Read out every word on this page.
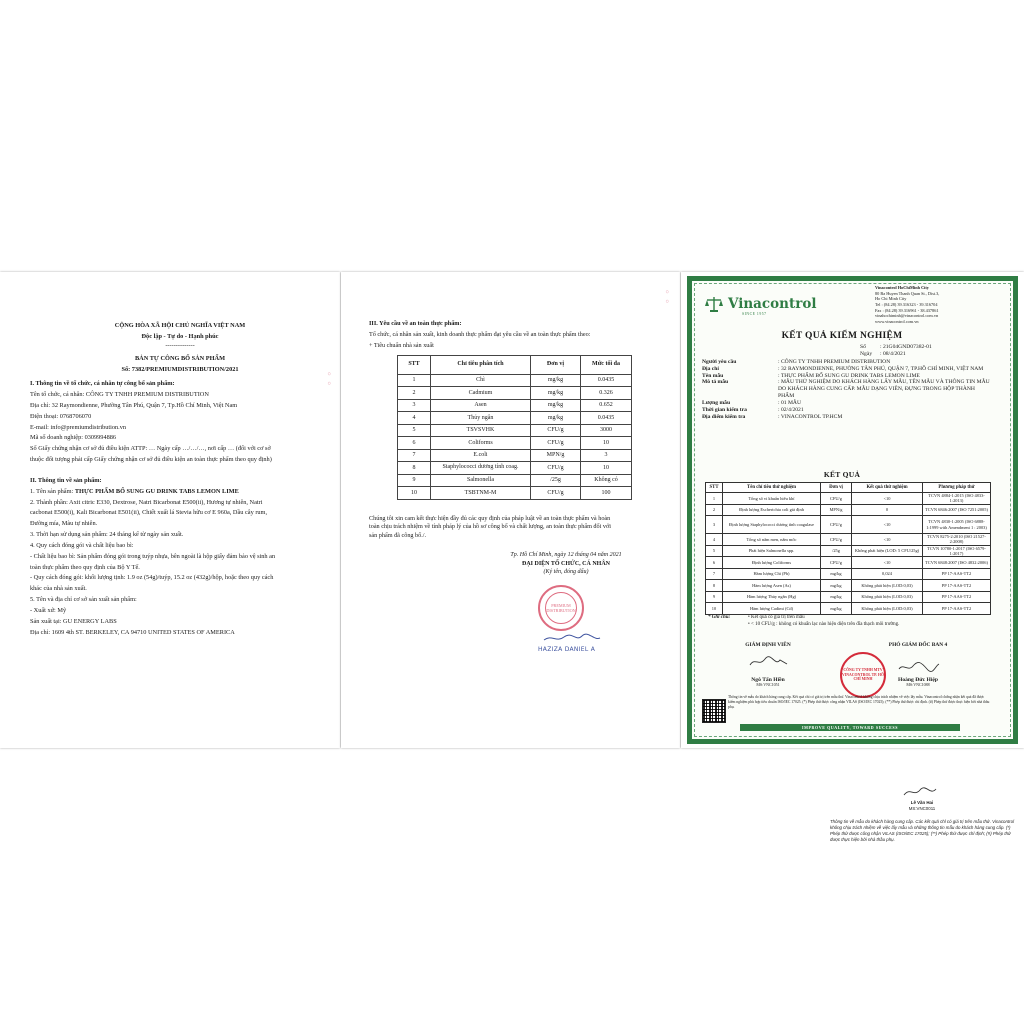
CỘNG HÒA XÃ HỘI CHỦ NGHĨA VIỆT NAM

Độc lập - Tự do - Hạnh phúc

--------------

BẢN TỰ CÔNG BỐ SẢN PHẨM

Số: 7382/PREMIUMDISTRIBUTION/2021

I. Thông tin về tổ chức, cá nhân tự công bố sản phẩm:

Tên tổ chức, cá nhân: CÔNG TY TNHH PREMIUM DISTRIBUTION

Địa chỉ: 32 Raymondienne, Phường Tân Phú, Quận 7, Tp.Hồ Chí Minh, Việt Nam

Điện thoại: 0768706070

E-mail: info@premiumdistribution.vn

Mã số doanh nghiệp: 0309994886

Số Giấy chứng nhận cơ sở đủ điều kiện ATTP: … Ngày cấp …/…/…, nơi cấp … (đối với cơ sở

thuộc đối tượng phải cấp Giấy chứng nhận cơ sở đủ điều kiện an toàn thực phẩm theo quy định)

II. Thông tin về sản phẩm:

1. Tên sản phẩm: THỰC PHẨM BỔ SUNG GU DRINK TABS LEMON LIME

2. Thành phần: Axit citric E330, Dextrose, Natri Bicarbonat E500(ii), Hương tự nhiên, Natri

cacbonat E500(i), Kali Bicarbonat E501(ii), Chiết xuất lá Stevia hữu cơ E 960a, Dầu cây rum,

Đường mía, Màu tự nhiên.

3. Thời hạn sử dụng sản phẩm: 24 tháng kể từ ngày sản xuất.

4. Quy cách đóng gói và chất liệu bao bì:

- Chất liệu bao bì: Sản phẩm đóng gói trong tuýp nhựa, bên ngoài là hộp giấy đảm bảo vệ sinh an

toàn thực phẩm theo quy định của Bộ Y Tế.

- Quy cách đóng gói: khối lượng tịnh: 1.9 oz (54g)/tuýp, 15.2 oz (432g)/hộp, hoặc theo quy cách

khác của nhà sản xuất.

5. Tên và địa chỉ cơ sở sản xuất sản phẩm:

- Xuất xứ: Mỹ

Sản xuất tại: GU ENERGY LABS

Địa chỉ: 1609 4th ST. BERKELEY, CA 94710 UNITED STATES OF AMERICA

III. Yêu cầu về an toàn thực phẩm:

Tổ chức, cá nhân sản xuất, kinh doanh thực phẩm đạt yêu cầu về an toàn thực phẩm theo:

+ Tiêu chuẩn nhà sản xuất

STT	Chỉ tiêu phân tích	Đơn vị	Mức tối đa
1	Chì	mg/kg	0.0435
2	Cadmium	mg/kg	0.326
3	Asen	mg/kg	0.652
4	Thủy ngân	mg/kg	0.0435
5	TSVSVHK	CFU/g	3000
6	Coliforms	CFU/g	10
7	E.coli	MPN/g	3
8	Staphylococci dương tính coag.	CFU/g	10
9	Salmonella	/25g	Không có
10	TSBTNM-M	CFU/g	100

Chúng tôi xin cam kết thực hiện đầy đủ các quy định của pháp luật về an toàn thực phẩm và hoàn

toàn chịu trách nhiệm về tính pháp lý của hồ sơ công bố và chất lượng, an toàn thực phẩm đối với

sản phẩm đã công bố./.

Tp. Hồ Chí Minh, ngày 12 tháng 04 năm 2021
ĐẠI DIỆN TỔ CHỨC, CÁ NHÂN
(Ký tên, đóng dấu)
PREMIUM DISTRIBUTION
HAZIZA DANIEL A
Vinacontrol
SINCE 1957
Vinacontrol HoChiMinh City
80 Ba Huyen Thanh Quan St., Dist.3,
Ho Chi Minh City
Tel : (84.28) 39.316323 - 39.316704
Fax : (84.28) 39.316961 - 38.437861
vinahochiminh@vinacontrol.com.vn
www.vinacontrol.com.vn
KẾT QUẢ KIỂM NGHIỆM
Số	: 21G04GND07382-01
Ngày : 08/4/2021
Người yêu cầu	: CÔNG TY TNHH PREMIUM DISTRIBUTION
Địa chỉ	: 32 RAYMONDIENNE, PHƯỜNG TÂN PHÚ, QUẬN 7, TP.HỒ CHÍ MINH, VIỆT NAM
Tên mẫu	: THỰC PHẨM BỔ SUNG GU DRINK TABS LEMON LIME
Mô tả mẫu	: MẪU THỬ NGHIỆM DO KHÁCH HÀNG LẤY MẪU, TÊN MẪU VÀ THÔNG TIN MẪU DO KHÁCH HÀNG CUNG CẤP. MẪU DẠNG VIÊN, ĐỰNG TRONG HỘP THÀNH PHẨM
Lượng mẫu	: 01 MẪU
Thời gian kiểm tra	: 02/4/2021
Địa điểm kiểm tra	: VINACONTROL TP.HCM
KẾT QUẢ
STT	Tên chỉ tiêu thử nghiệm	Đơn vị	Kết quả thử nghiệm	Phương pháp thử
1	Tổng số vi khuẩn hiếu khí	CFU/g	<10	TCVN 4884-1:2015 (ISO 4833-1:2013)
2	Định lượng Escherichia coli giả định	MPN/g	0	TCVN 6846:2007 (ISO 7251:2005)
3	Định lượng Staphylococci dương tính coagulase	CFU/g	<10	TCVN 4830-1:2005 (ISO 6888-1:1999 with Amendment 1 : 2003)
4	Tổng số nấm men, nấm mốc	CFU/g	<10	TCVN 8275-2:2010 (ISO 21527-2:2008)
5	Phát hiện Salmonella spp.	/25g	Không phát hiện (LOD: 5 CFU/25g)	TCVN 10780-1:2017 (ISO 6579-1:2017)
6	Định lượng Coliforms	CFU/g	<10	TCVN 6848:2007 (ISO 4832:2006)
7	Hàm lượng Chì (Pb)	mg/kg	0,024	PP 17-AAS-TT2
8	Hàm lượng Asen (As)	mg/kg	Không phát hiện (LOD:0,03)	PP 17-AAS-TT2
9	Hàm lượng Thủy ngân (Hg)	mg/kg	Không phát hiện (LOD:0,03)	PP 17-AAS-TT2
10	Hàm lượng Cadimi (Cd)	mg/kg	Không phát hiện (LOD:0,03)	PP 17-AAS-TT2
* Ghi chú:	• Kết quả có giá trị trên mẫu
• < 10 CFU/g : không có khuẩn lạc nào hiện diện trên đĩa thạch môi trường.
GIÁM ĐỊNH VIÊN	PHÓ GIÁM ĐỐC BAN 4
CÔNG TY TNHH MTV VINACONTROL TP. HỒ CHÍ MINH
Ngô Tấn Hiền
MS:VNC1051
Hoàng Đức Hiệp
MS:VNC1088
Thông tin về mẫu do khách hàng cung cấp. Kết quả chỉ có giá trị trên mẫu thử. Vinacontrol không chịu trách nhiệm về việc lấy mẫu. Vinacontrol chứng nhận kết quả đã được kiểm nghiệm phù hợp tiêu chuẩn ISO/IEC 17025. (*) Phép thử được công nhận VILAS (ISO/IEC 17025); (**) Phép thử được chỉ định. (#) Phép thử được thực hiện bởi nhà thầu phụ.
IMPROVE QUALITY, TOWARD SUCCESS
◦ ◦
◦ ◦
Lê Văn Hai
MS:VNC0011
Thông tin về mẫu do khách hàng cung cấp. Các kết quả chỉ có giá trị trên mẫu thử. Vinacontrol không chịu trách nhiệm về việc lấy mẫu và những thông tin mẫu do khách hàng cung cấp. (*) Phép thử được công nhận VILAS (ISO/IEC 17025); (**) Phép thử được chỉ định; (#) Phép thử được thực hiện bởi nhà thầu phụ.
